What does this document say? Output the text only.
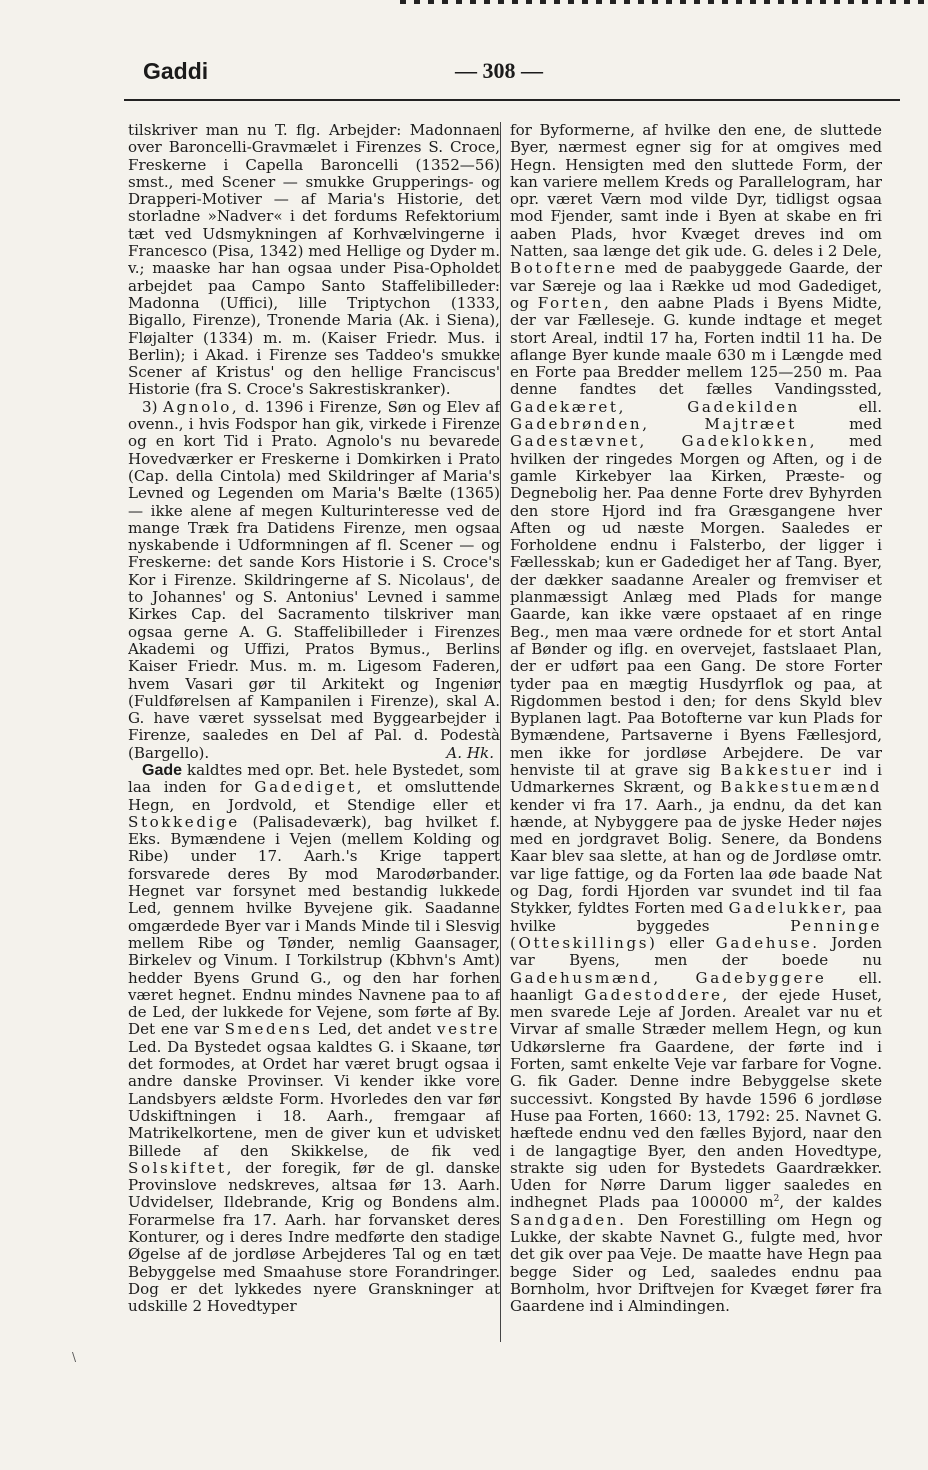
Gaddi	— 308 —

tilskriver man nu T. flg. Arbejder: Madonnaen over Baroncelli-Gravmælet i Firenzes S. Croce, Freskerne i Capella Baroncelli (1352—56) smst., med Scener — smukke Grupperings- og Drapperi-Motiver — af Maria's Historie, det storladne »Nadver« i det fordums Refektorium tæt ved Udsmykningen af Korhvælvingerne i Francesco (Pisa, 1342) med Hellige og Dyder m. v.; maaske har han ogsaa under Pisa-Opholdet arbejdet paa Campo Santo Staffelibilleder: Madonna (Uffici), lille Triptychon (1333, Bigallo, Firenze), Tronende Maria (Ak. i Siena), Fløjalter (1334) m. m. (Kaiser Friedr. Mus. i Berlin); i Akad. i Firenze ses Taddeo's smukke Scener af Kristus' og den hellige Franciscus' Historie (fra S. Croce's Sakrestiskranker).

3) Agnolo, d. 1396 i Firenze, Søn og Elev af ovenn., i hvis Fodspor han gik, virkede i Firenze og en kort Tid i Prato. Agnolo's nu bevarede Hovedværker er Freskerne i Domkirken i Prato (Cap. della Cintola) med Skildringer af Maria's Levned og Legenden om Maria's Bælte (1365) — ikke alene af megen Kulturinteresse ved de mange Træk fra Datidens Firenze, men ogsaa nyskabende i Udformningen af fl. Scener — og Freskerne: det sande Kors Historie i S. Croce's Kor i Firenze. Skildringerne af S. Nicolaus', de to Johannes' og S. Antonius' Levned i samme Kirkes Cap. del Sacramento tilskriver man ogsaa gerne A. G. Staffelibilleder i Firenzes Akademi og Uffizi, Pratos Bymus., Berlins Kaiser Friedr. Mus. m. m. Ligesom Faderen, hvem Vasari gør til Arkitekt og Ingeniør (Fuldførelsen af Kampanilen i Firenze), skal A. G. have været sysselsat med Byggearbejder i Firenze, saaledes en Del af Pal. d. Podestà (Bargello).	A. Hk.

Gade kaldtes med opr. Bet. hele Bystedet, som laa inden for Gadediget, et omsluttende Hegn, en Jordvold, et Stendige eller et Stokkedige (Palisadeværk), bag hvilket f. Eks. Bymændene i Vejen (mellem Kolding og Ribe) under 17. Aarh.'s Krige tappert forsvarede deres By mod Marodørbander. Hegnet var forsynet med bestandig lukkede Led, gennem hvilke Byvejene gik. Saadanne omgærdede Byer var i Mands Minde til i Slesvig mellem Ribe og Tønder, nemlig Gaansager, Birkelev og Vinum. I Torkilstrup (Kbhvn's Amt) hedder Byens Grund G., og den har forhen været hegnet. Endnu mindes Navnene paa to af de Led, der lukkede for Vejene, som førte af By. Det ene var Smedens Led, det andet vestre Led. Da Bystedet ogsaa kaldtes G. i Skaane, tør det formodes, at Ordet har været brugt ogsaa i andre danske Provinser. Vi kender ikke vore Landsbyers ældste Form. Hvorledes den var før Udskiftningen i 18. Aarh., fremgaar af Matrikelkortene, men de giver kun et udvisket Billede af den Skikkelse, de fik ved Solskiftet, der foregik, før de gl. danske Provinslove nedskreves, altsaa før 13. Aarh. Udvidelser, Ildebrande, Krig og Bondens alm. Forarmelse fra 17. Aarh. har forvansket deres Konturer, og i deres Indre medførte den stadige Øgelse af de jordløse Arbejderes Tal og en tæt Bebyggelse med Smaahuse store Forandringer. Dog er det lykkedes nyere Granskninger at udskille 2 Hovedtyper

for Byformerne, af hvilke den ene, de sluttede Byer, nærmest egner sig for at omgives med Hegn. Hensigten med den sluttede Form, der kan variere mellem Kreds og Parallelogram, har opr. været Værn mod vilde Dyr, tidligst ogsaa mod Fjender, samt inde i Byen at skabe en fri aaben Plads, hvor Kvæget dreves ind om Natten, saa længe det gik ude. G. deles i 2 Dele, Botofterne med de paabyggede Gaarde, der var Særeje og laa i Række ud mod Gadediget, og Forten, den aabne Plads i Byens Midte, der var Fælleseje. G. kunde indtage et meget stort Areal, indtil 17 ha, Forten indtil 11 ha. De aflange Byer kunde maale 630 m i Længde med en Forte paa Bredder mellem 125—250 m. Paa denne fandtes det fælles Vandingssted, Gadekæret, Gadekilden ell. Gadebrønden, Majtræet med Gadestævnet, Gadeklokken, med hvilken der ringedes Morgen og Aften, og i de gamle Kirkebyer laa Kirken, Præste- og Degnebolig her. Paa denne Forte drev Byhyrden den store Hjord ind fra Græsgangene hver Aften og ud næste Morgen. Saaledes er Forholdene endnu i Falsterbo, der ligger i Fællesskab; kun er Gadediget her af Tang. Byer, der dækker saadanne Arealer og fremviser et planmæssigt Anlæg med Plads for mange Gaarde, kan ikke være opstaaet af en ringe Beg., men maa være ordnede for et stort Antal af Bønder og iflg. en overvejet, fastslaaet Plan, der er udført paa een Gang. De store Forter tyder paa en mægtig Husdyrflok og paa, at Rigdommen bestod i den; for dens Skyld blev Byplanen lagt. Paa Botofterne var kun Plads for Bymændene, Partsaverne i Byens Fællesjord, men ikke for jordløse Arbejdere. De var henviste til at grave sig Bakkestuer ind i Udmarkernes Skrænt, og Bakkestuemænd kender vi fra 17. Aarh., ja endnu, da det kan hænde, at Nybyggere paa de jyske Heder nøjes med en jordgravet Bolig. Senere, da Bondens Kaar blev saa slette, at han og de Jordløse omtr. var lige fattige, og da Forten laa øde baade Nat og Dag, fordi Hjorden var svundet ind til faa Stykker, fyldtes Forten med Gadelukker, paa hvilke byggedes Penninge (Otteskillings) eller Gadehuse. Jorden var Byens, men der boede nu Gadehusmænd, Gadebyggere ell. haanligt Gadestoddere, der ejede Huset, men svarede Leje af Jorden. Arealet var nu et Virvar af smalle Stræder mellem Hegn, og kun Udkørslerne fra Gaardene, der førte ind i Forten, samt enkelte Veje var farbare for Vogne. G. fik Gader. Denne indre Bebyggelse skete successivt. Kongsted By havde 1596 6 jordløse Huse paa Forten, 1660: 13, 1792: 25. Navnet G. hæftede endnu ved den fælles Byjord, naar den i de langagtige Byer, den anden Hovedtype, strakte sig uden for Bystedets Gaardrækker. Uden for Nørre Darum ligger saaledes en indhegnet Plads paa 100000 $m^2$, der kaldes Sandgaden. Den Forestilling om Hegn og Lukke, der skabte Navnet G., fulgte med, hvor det gik over paa Veje. De maatte have Hegn paa begge Sider og Led, saaledes endnu paa Bornholm, hvor Driftvejen for Kvæget fører fra Gaardene ind i Almindingen.

\
